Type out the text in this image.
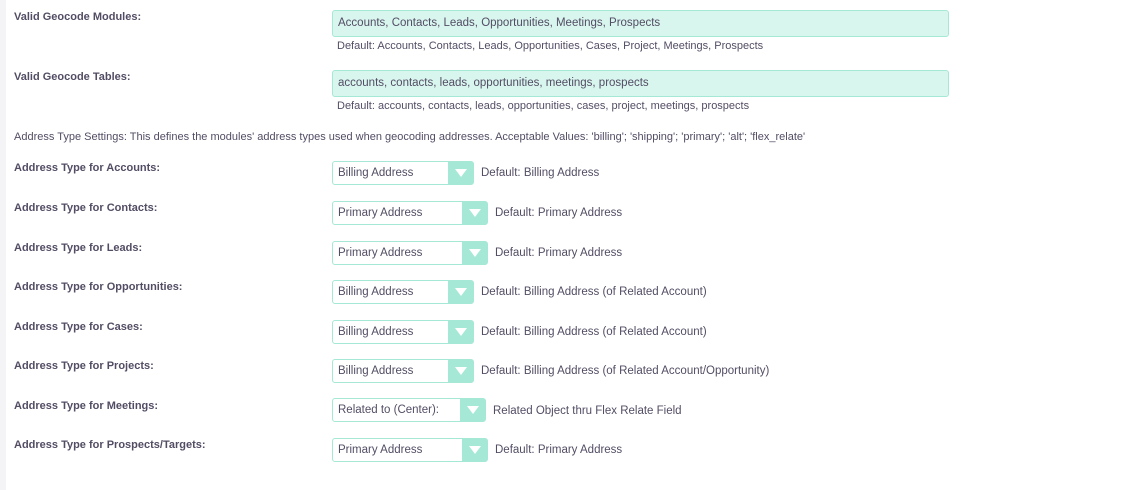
Valid Geocode Modules:	Accounts, Contacts, Leads, Opportunities, Meetings, Prospects
Default: Accounts, Contacts, Leads, Opportunities, Cases, Project, Meetings, Prospects
Valid Geocode Tables:	accounts, contacts, leads, opportunities, meetings, prospects
Default: accounts, contacts, leads, opportunities, cases, project, meetings, prospects
Address Type Settings: This defines the modules' address types used when geocoding addresses. Acceptable Values: 'billing'; 'shipping'; 'primary'; 'alt'; 'flex_relate'
Address Type for Accounts:	Billing Address	Default: Billing Address
Address Type for Contacts:	Primary Address	Default: Primary Address
Address Type for Leads:	Primary Address	Default: Primary Address
Address Type for Opportunities:	Billing Address	Default: Billing Address (of Related Account)
Address Type for Cases:	Billing Address	Default: Billing Address (of Related Account)
Address Type for Projects:	Billing Address	Default: Billing Address (of Related Account/Opportunity)
Address Type for Meetings:	Related to (Center):	Related Object thru Flex Relate Field
Address Type for Prospects/Targets:	Primary Address	Default: Primary Address
